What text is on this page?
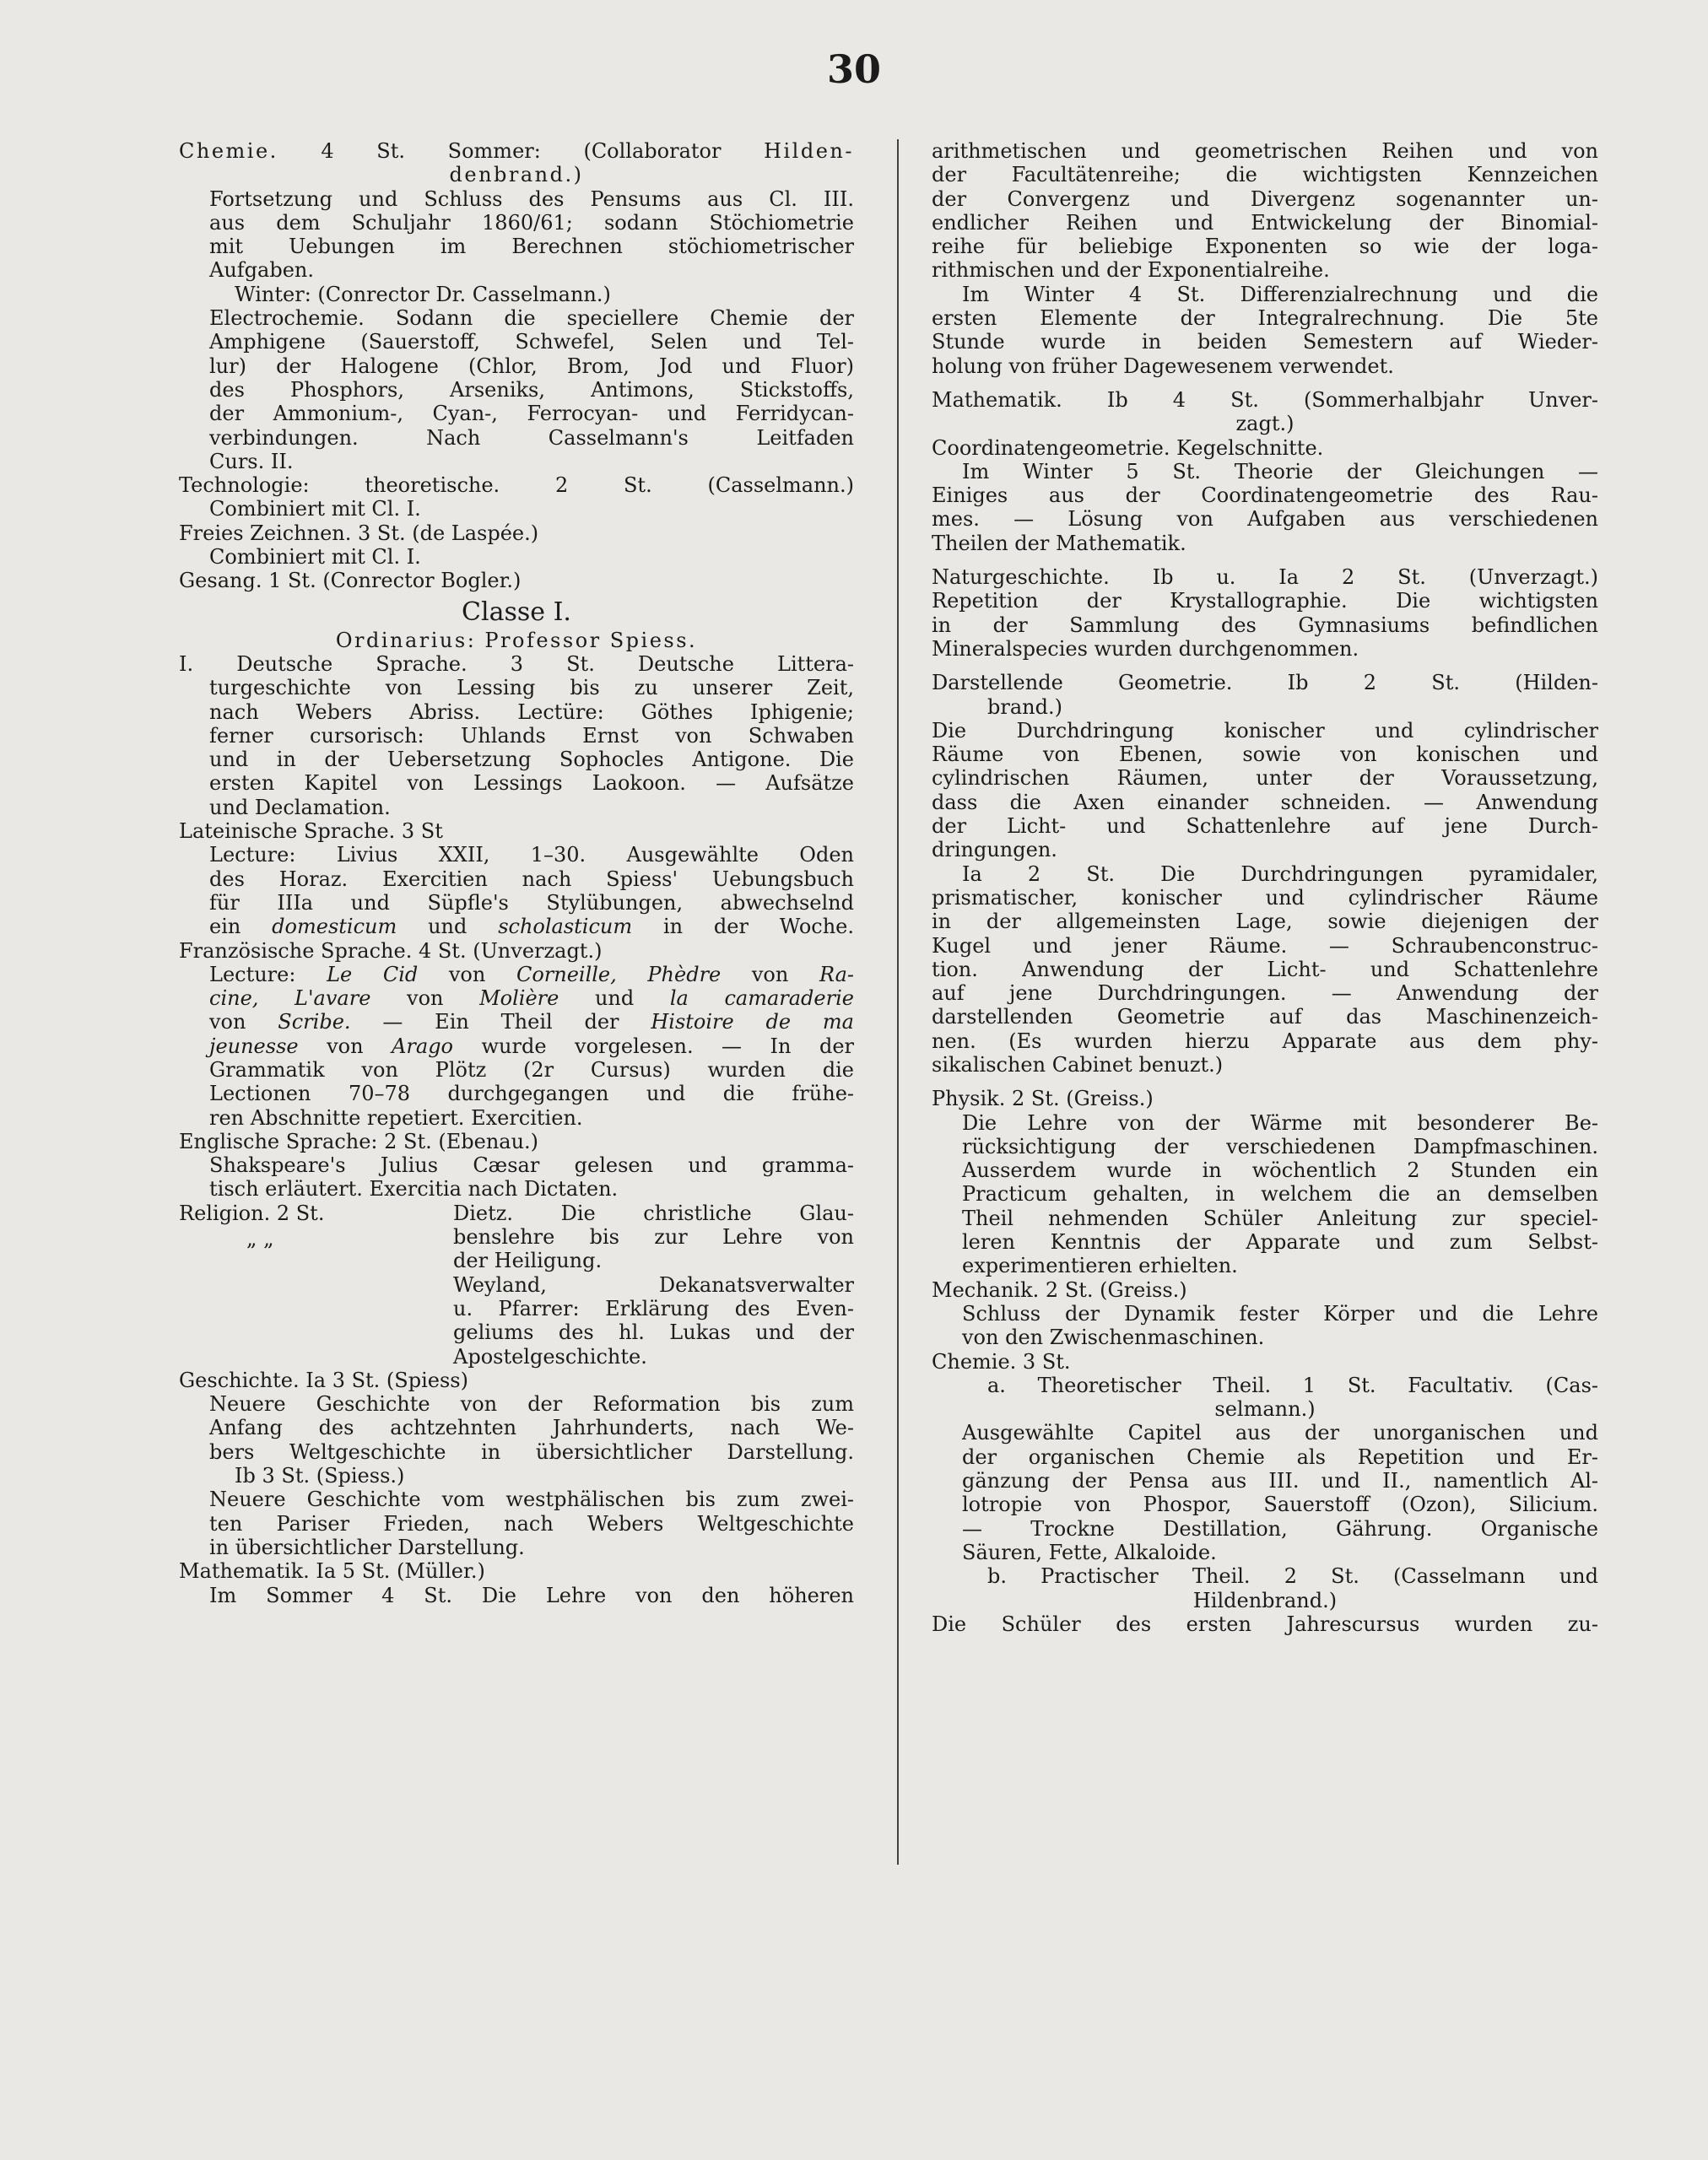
30
Chemie. 4 St. Sommer: (Collaborator Hilden-
denbrand.)
Fortsetzung und Schluss des Pensums aus Cl. III.
aus dem Schuljahr 1860/61; sodann Stöchiometrie
mit Uebungen im Berechnen stöchiometrischer
Aufgaben.
Winter: (Conrector Dr. Casselmann.)
Electrochemie. Sodann die speciellere Chemie der
Amphigene (Sauerstoff, Schwefel, Selen und Tel-
lur) der Halogene (Chlor, Brom, Jod und Fluor)
des Phosphors, Arseniks, Antimons, Stickstoffs,
der Ammonium-, Cyan-, Ferrocyan- und Ferridycan-
verbindungen. Nach Casselmann's Leitfaden
Curs. II.
Technologie: theoretische. 2 St. (Casselmann.)
Combiniert mit Cl. I.
Freies Zeichnen. 3 St. (de Laspée.)
Combiniert mit Cl. I.
Gesang. 1 St. (Conrector Bogler.)
Classe I.
Ordinarius: Professor Spiess.
I. Deutsche Sprache. 3 St. Deutsche Littera-
turgeschichte von Lessing bis zu unserer Zeit,
nach Webers Abriss. Lectüre: Göthes Iphigenie;
ferner cursorisch: Uhlands Ernst von Schwaben
und in der Uebersetzung Sophocles Antigone. Die
ersten Kapitel von Lessings Laokoon. — Aufsätze
und Declamation.
Lateinische Sprache. 3 St
Lecture: Livius XXII, 1–30. Ausgewählte Oden
des Horaz. Exercitien nach Spiess' Uebungsbuch
für IIIa und Süpfle's Stylübungen, abwechselnd
ein domesticum und scholasticum in der Woche.
Französische Sprache. 4 St. (Unverzagt.)
Lecture: Le Cid von Corneille, Phèdre von Ra-
cine, L'avare von Molière und la camaraderie
von Scribe. — Ein Theil der Histoire de ma
jeunesse von Arago wurde vorgelesen. — In der
Grammatik von Plötz (2r Cursus) wurden die
Lectionen 70–78 durchgegangen und die frühe-
ren Abschnitte repetiert. Exercitien.
Englische Sprache: 2 St. (Ebenau.)
Shakspeare's Julius Cæsar gelesen und gramma-
tisch erläutert. Exercitia nach Dictaten.
Religion. 2 St.	Dietz. Die christliche Glau-
benslehre bis zur Lehre von
der Heiligung.
„ „
Weyland, Dekanatsverwalter
u. Pfarrer: Erklärung des Even-
geliums des hl. Lukas und der
Apostelgeschichte.
Geschichte. Ia 3 St. (Spiess)
Neuere Geschichte von der Reformation bis zum
Anfang des achtzehnten Jahrhunderts, nach We-
bers Weltgeschichte in übersichtlicher Darstellung.
Ib 3 St. (Spiess.)
Neuere Geschichte vom westphälischen bis zum zwei-
ten Pariser Frieden, nach Webers Weltgeschichte
in übersichtlicher Darstellung.
Mathematik. Ia 5 St. (Müller.)
Im Sommer 4 St. Die Lehre von den höheren
arithmetischen und geometrischen Reihen und von
der Facultätenreihe; die wichtigsten Kennzeichen
der Convergenz und Divergenz sogenannter un-
endlicher Reihen und Entwickelung der Binomial-
reihe für beliebige Exponenten so wie der loga-
rithmischen und der Exponentialreihe.
Im Winter 4 St. Differenzialrechnung und die
ersten Elemente der Integralrechnung. Die 5te
Stunde wurde in beiden Semestern auf Wieder-
holung von früher Dagewesenem verwendet.
Mathematik. Ib 4 St. (Sommerhalbjahr Unver-
zagt.)
Coordinatengeometrie. Kegelschnitte.
Im Winter 5 St. Theorie der Gleichungen —
Einiges aus der Coordinatengeometrie des Rau-
mes. — Lösung von Aufgaben aus verschiedenen
Theilen der Mathematik.
Naturgeschichte. Ib u. Ia 2 St. (Unverzagt.)
Repetition der Krystallographie. Die wichtigsten
in der Sammlung des Gymnasiums befindlichen
Mineralspecies wurden durchgenommen.
Darstellende Geometrie. Ib 2 St. (Hilden-
brand.)
Die Durchdringung konischer und cylindrischer
Räume von Ebenen, sowie von konischen und
cylindrischen Räumen, unter der Voraussetzung,
dass die Axen einander schneiden. — Anwendung
der Licht- und Schattenlehre auf jene Durch-
dringungen.
Ia 2 St. Die Durchdringungen pyramidaler,
prismatischer, konischer und cylindrischer Räume
in der allgemeinsten Lage, sowie diejenigen der
Kugel und jener Räume. — Schraubenconstruc-
tion. Anwendung der Licht- und Schattenlehre
auf jene Durchdringungen. — Anwendung der
darstellenden Geometrie auf das Maschinenzeich-
nen. (Es wurden hierzu Apparate aus dem phy-
sikalischen Cabinet benuzt.)
Physik. 2 St. (Greiss.)
Die Lehre von der Wärme mit besonderer Be-
rücksichtigung der verschiedenen Dampfmaschinen.
Ausserdem wurde in wöchentlich 2 Stunden ein
Practicum gehalten, in welchem die an demselben
Theil nehmenden Schüler Anleitung zur speciel-
leren Kenntnis der Apparate und zum Selbst-
experimentieren erhielten.
Mechanik. 2 St. (Greiss.)
Schluss der Dynamik fester Körper und die Lehre
von den Zwischenmaschinen.
Chemie. 3 St.
a. Theoretischer Theil. 1 St. Facultativ. (Cas-
selmann.)
Ausgewählte Capitel aus der unorganischen und
der organischen Chemie als Repetition und Er-
gänzung der Pensa aus III. und II., namentlich Al-
lotropie von Phospor, Sauerstoff (Ozon), Silicium.
— Trockne Destillation, Gährung. Organische
Säuren, Fette, Alkaloide.
b. Practischer Theil. 2 St. (Casselmann und
Hildenbrand.)
Die Schüler des ersten Jahrescursus wurden zu-
